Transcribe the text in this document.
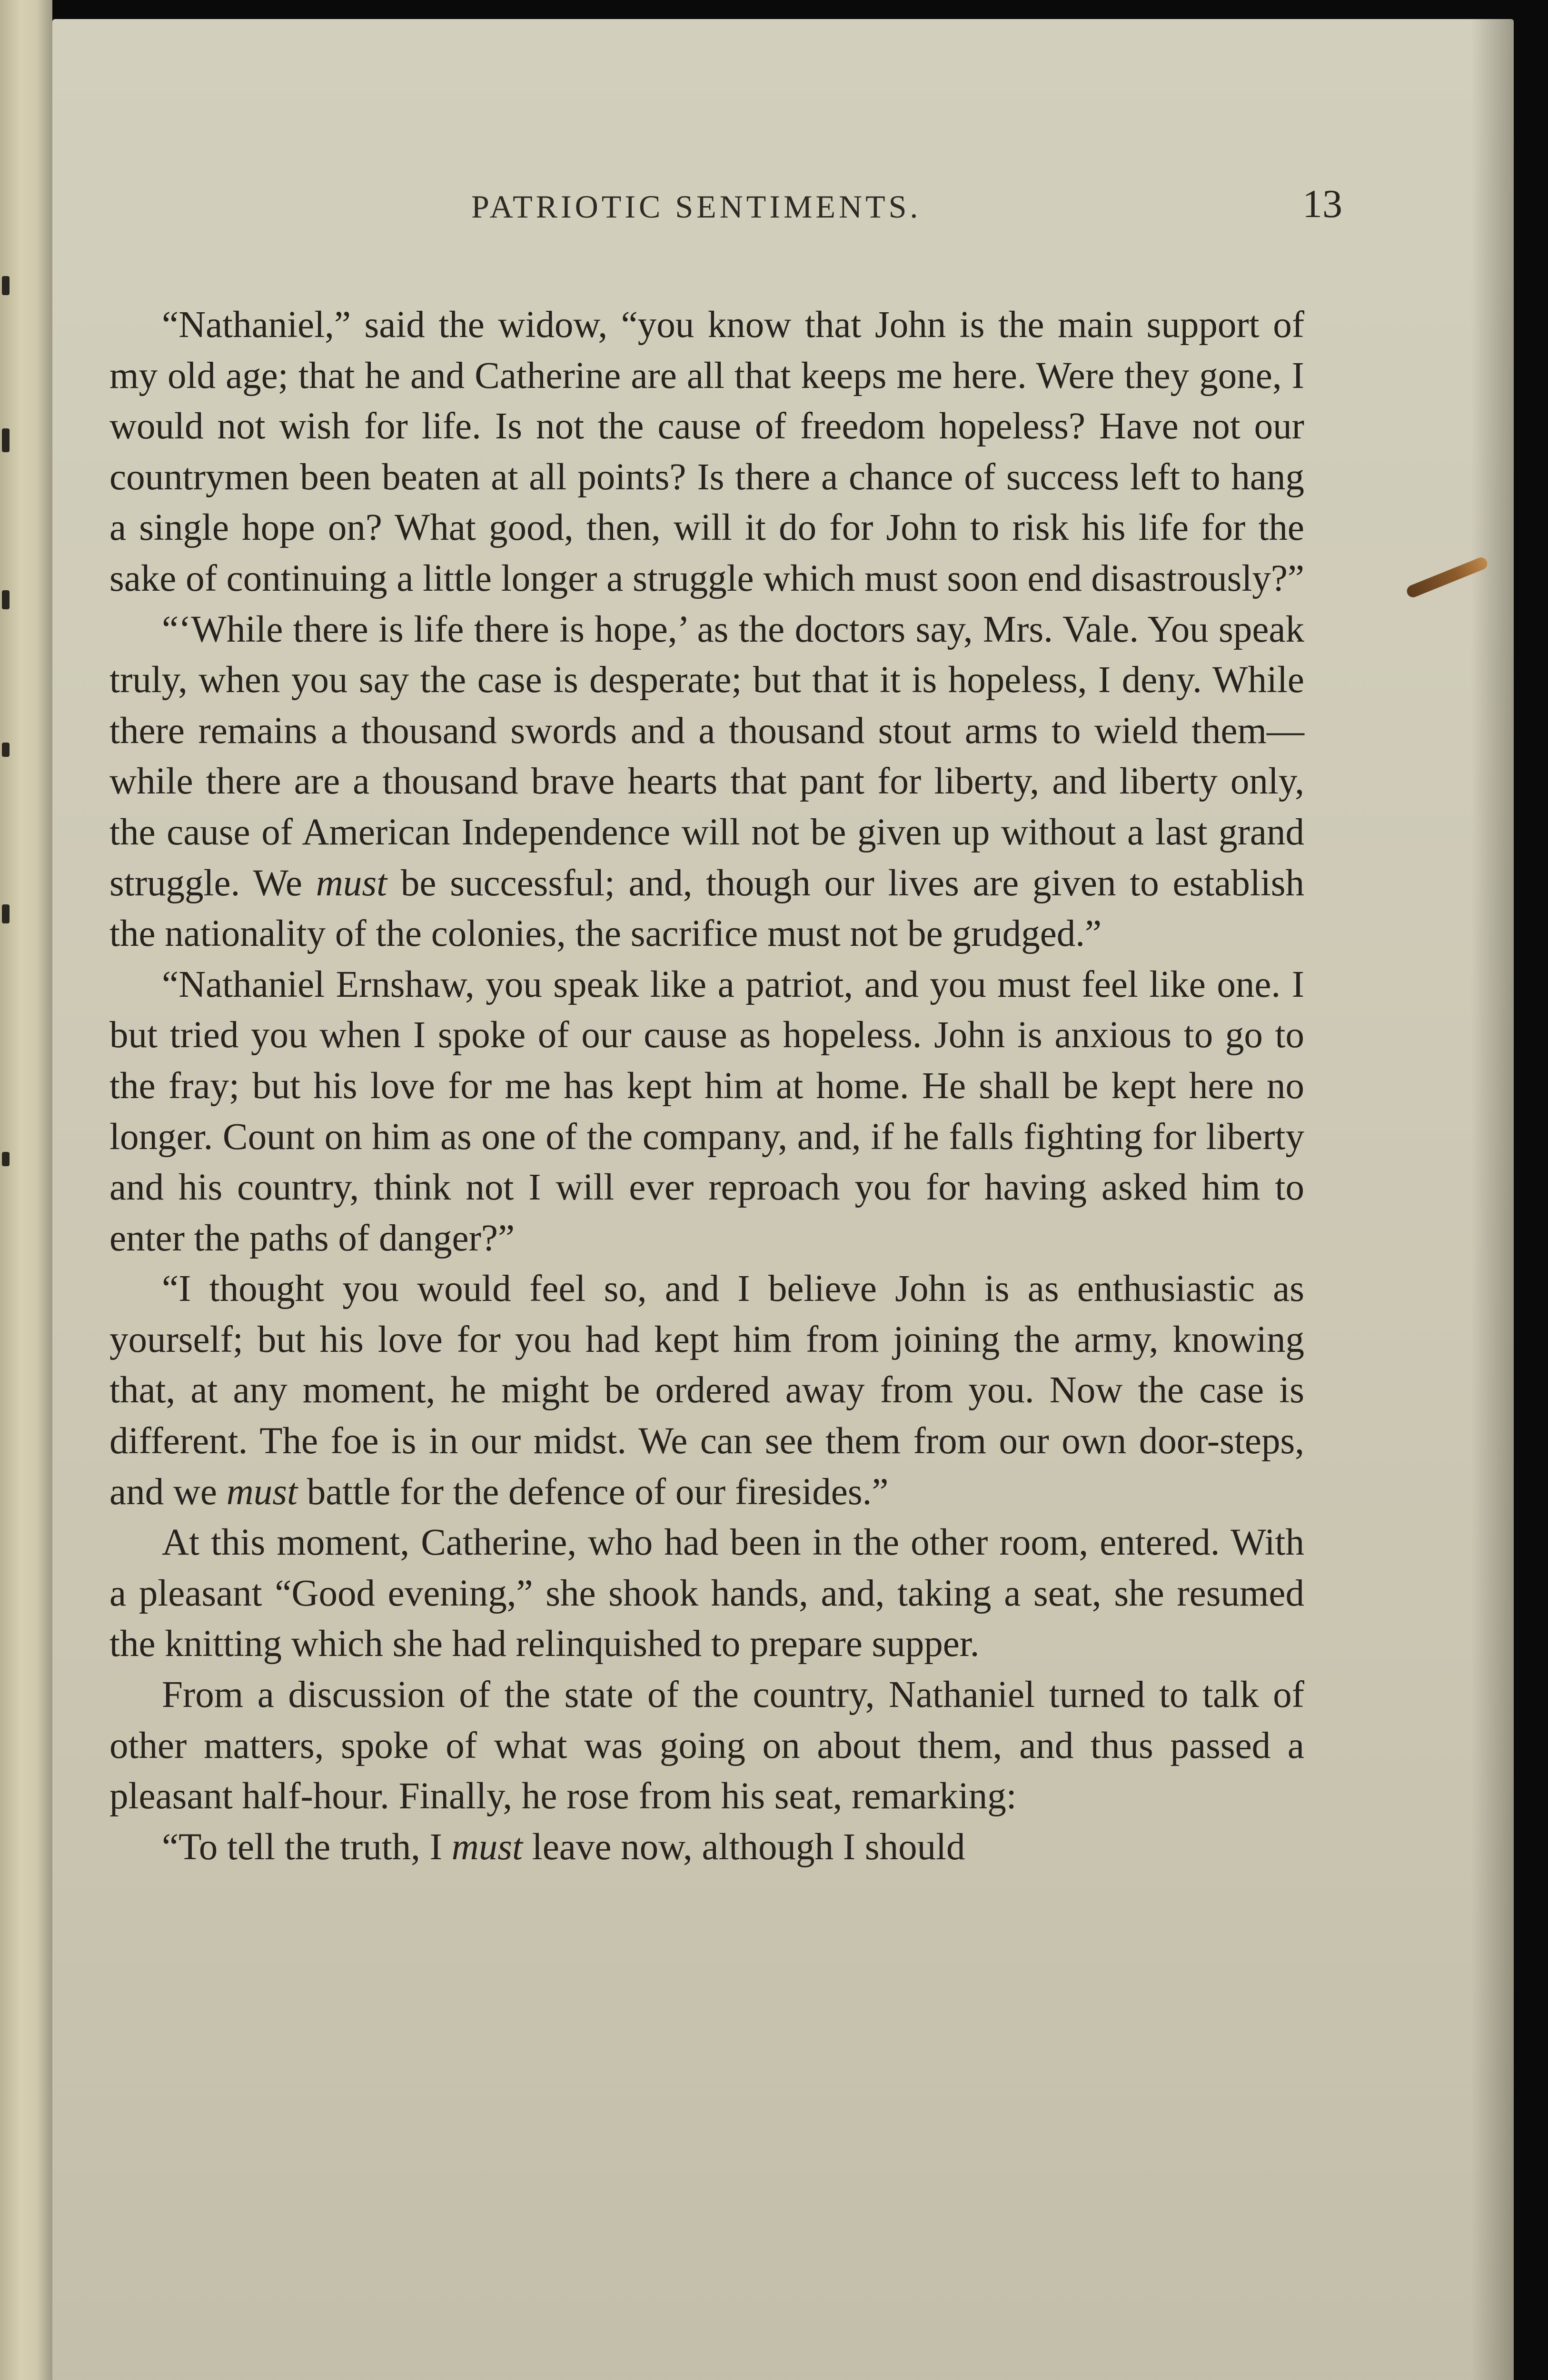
PATRIOTIC SENTIMENTS.	13

“Nathaniel,” said the widow, “you know that John is the main support of my old age; that he and Catherine are all that keeps me here. Were they gone, I would not wish for life. Is not the cause of freedom hopeless? Have not our countrymen been beaten at all points? Is there a chance of success left to hang a single hope on? What good, then, will it do for John to risk his life for the sake of continuing a little longer a struggle which must soon end disastrously?”

“‘While there is life there is hope,’ as the doctors say, Mrs. Vale. You speak truly, when you say the case is desperate; but that it is hopeless, I deny. While there remains a thousand swords and a thousand stout arms to wield them—while there are a thousand brave hearts that pant for liberty, and liberty only, the cause of American Independence will not be given up without a last grand struggle. We must be successful; and, though our lives are given to establish the nationality of the colonies, the sacrifice must not be grudged.”

“Nathaniel Ernshaw, you speak like a patriot, and you must feel like one. I but tried you when I spoke of our cause as hopeless. John is anxious to go to the fray; but his love for me has kept him at home. He shall be kept here no longer. Count on him as one of the company, and, if he falls fighting for liberty and his country, think not I will ever reproach you for having asked him to enter the paths of danger?”

“I thought you would feel so, and I believe John is as enthusiastic as yourself; but his love for you had kept him from joining the army, knowing that, at any moment, he might be ordered away from you. Now the case is different. The foe is in our midst. We can see them from our own door-steps, and we must battle for the defence of our firesides.”

At this moment, Catherine, who had been in the other room, entered. With a pleasant “Good evening,” she shook hands, and, taking a seat, she resumed the knitting which she had relinquished to prepare supper.

From a discussion of the state of the country, Nathaniel turned to talk of other matters, spoke of what was going on about them, and thus passed a pleasant half-hour. Finally, he rose from his seat, remarking:

“To tell the truth, I must leave now, although I should
